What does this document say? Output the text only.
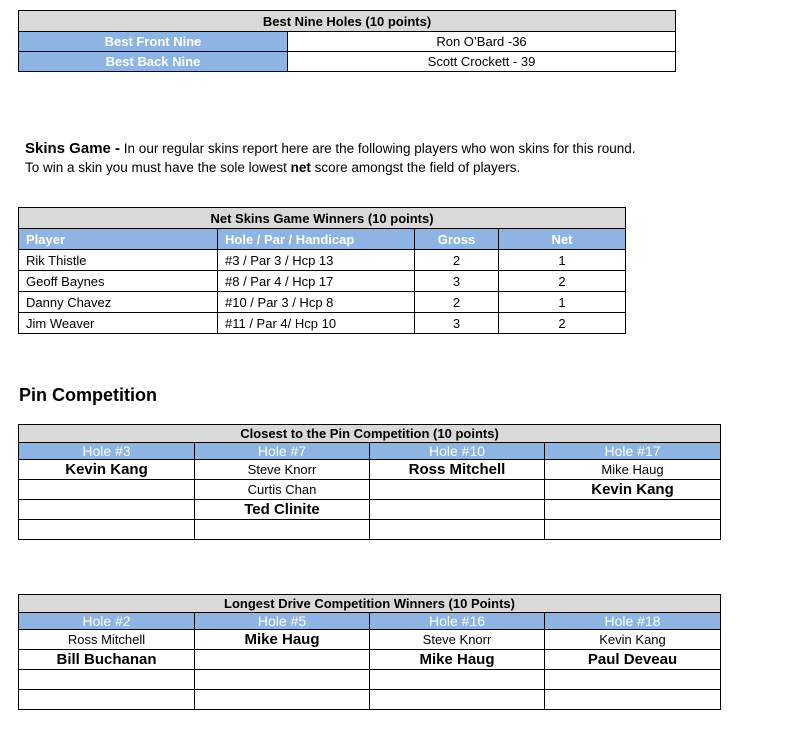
Best Nine Holes (10 points)	
Best Front Nine	Ron O’Bard -36
Best Back Nine	Scott Crockett - 39
Skins Game - In our regular skins report here are the following players who won skins for this round.
To win a skin you must have the sole lowest net score amongst the field of players.
Net Skins Game Winners (10 points)			
Player	Hole / Par / Handicap	Gross	Net
Rik Thistle	#3 / Par 3 / Hcp 13	2	1
Geoff Baynes	#8 / Par 4 / Hcp 17	3	2
Danny Chavez	#10 / Par 3 / Hcp 8	2	1
Jim Weaver	#11 / Par 4/ Hcp 10	3	2
Pin Competition
Closest to the Pin Competition (10 points)			
Hole #3	Hole #7	Hole #10	Hole #17
Kevin Kang	Steve Knorr	Ross Mitchell	Mike Haug
	Curtis Chan		Kevin Kang
	Ted Clinite		

Longest Drive Competition Winners (10 Points)			
Hole #2	Hole #5	Hole #16	Hole #18
Ross Mitchell	Mike Haug	Steve Knorr	Kevin Kang
Bill Buchanan		Mike Haug	Paul Deveau
